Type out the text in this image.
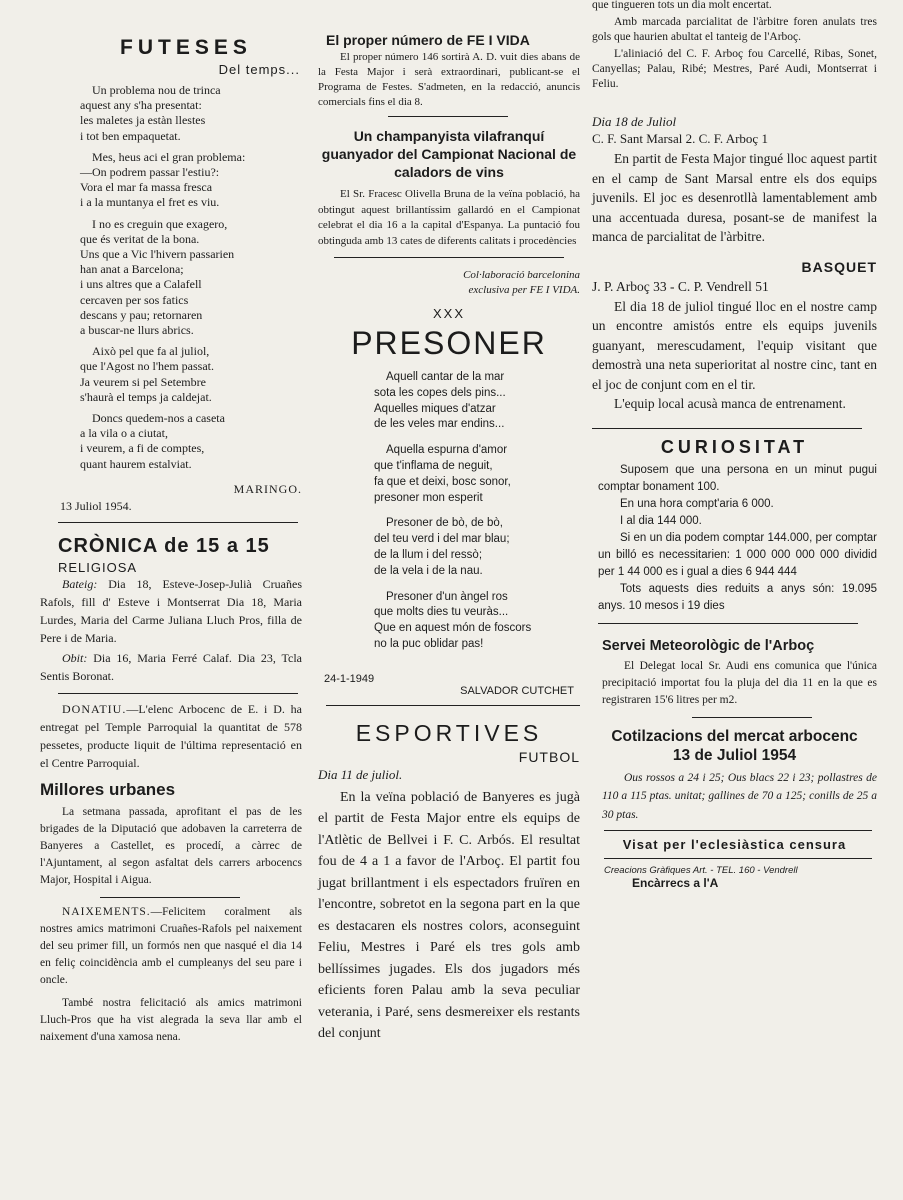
FUTESES
Del temps...
Un problema nou de trinca
aquest any s'ha presentat:
les maletes ja estàn llestes
i tot ben empaquetat.
Mes, heus aci el gran problema:
—On podrem passar l'estiu?:
Vora el mar fa massa fresca
i a la muntanya el fret es viu.
I no es creguin que exagero,
que és veritat de la bona.
Uns que a Vic l'hivern passarien
han anat a Barcelona;
i uns altres que a Calafell
cercaven per sos fatics
descans y pau; retornaren
a buscar-ne llurs abrics.
Això pel que fa al juliol,
que l'Agost no l'hem passat.
Ja veurem si pel Setembre
s'haurà el temps ja caldejat.
Doncs quedem-nos a caseta
a la vila o a ciutat,
i veurem, a fi de comptes,
quant haurem estalviat.
MARINGO.
13 Juliol 1954.
CRÒNICA de 15 a 15
RELIGIOSA

Bateig: Dia 18, Esteve-Josep-Julià Cruañes Rafols, fill d' Esteve i Montserrat Dia 18, Maria Lurdes, Maria del Carme Juliana Lluch Pros, filla de Pere i de Maria.

Obit: Dia 16, Maria Ferré Calaf. Dia 23, Tcla Sentis Boronat.

DONATIU.—L'elenc Arbocenc de E. i D. ha entregat pel Temple Parroquial la quantitat de 578 pessetes, producte liquit de l'última representació en el Centre Parroquial.

Millores urbanes

La setmana passada, aprofitant el pas de les brigades de la Diputació que adobaven la carreterra de Banyeres a Castellet, es procedí, a càrrec de l'Ajuntament, al segon asfaltat dels carrers arbocencs Major, Hospital i Aigua.

NAIXEMENTS.—Felicitem coralment als nostres amics matrimoni Cruañes-Rafols pel naixement del seu primer fill, un formós nen que nasqué el dia 14 en feliç coincidència amb el cumpleanys del seu pare i oncle.

També nostra felicitació als amics matrimoni Lluch-Pros que ha vist alegrada la seva llar amb el naixement d'una xamosa nena.

El proper número de FE I VIDA

El proper número 146 sortirà A. D. vuit dies abans de la Festa Major i serà extraordinari, publicant-se el Programa de Festes. S'admeten, en la redacció, anuncis comercials fins el dia 8.

Un champanyista vilafranquí guanyador del Campionat Nacional de caladors de vins

El Sr. Fracesc Olivella Bruna de la veïna població, ha obtingut aquest brillantíssim gallardó en el Campionat celebrat el dia 16 a la capital d'Espanya. La puntació fou obtinguda amb 13 cates de diferents calitats i procedències

Col·laboració barcelonina
exclusiva per FE I VIDA.
XXX
PRESONER
Aquell cantar de la mar
sota les copes dels pins...
Aquelles miques d'atzar
de les veles mar endins...
Aquella espurna d'amor
que t'inflama de neguit,
fa que et deixi, bosc sonor,
presoner mon esperit
Presoner de bò, de bò,
del teu verd i del mar blau;
de la llum i del ressò;
de la vela i de la nau.
Presoner d'un àngel ros
que molts dies tu veuràs...
Que en aquest món de foscors
no la puc oblidar pas!
24-1-1949
SALVADOR CUTCHET
ESPORTIVES
FUTBOL
Dia 11 de juliol.

En la veïna població de Banyeres es jugà el partit de Festa Major entre els equips de l'Atlètic de Bellvei i F. C. Arbós. El resultat fou de 4 a 1 a favor de l'Arboç. El partit fou jugat brillantment i els espectadors fruïren en l'encontre, sobretot en la segona part en la que es destacaren els nostres colors, aconseguint Feliu, Mestres i Paré els tres gols amb bellíssimes jugades. Els dos jugadors més eficients foren Palau amb la seva peculiar veterania, i Paré, sens desmereixer els restants del conjunt

que tingueren tots un dia molt encertat.

Amb marcada parcialitat de l'àrbitre foren anulats tres gols que haurien abultat el tanteig de l'Arboç.

L'aliniació del C. F. Arboç fou Carcellé, Ribas, Sonet, Canyellas; Palau, Ribé; Mestres, Paré Audi, Montserrat i Feliu.

Dia 18 de Juliol
C. F. Sant Marsal 2. C. F. Arboç 1

En partit de Festa Major tingué lloc aquest partit en el camp de Sant Marsal entre els dos equips juvenils. El joc es desenrotllà lamentablement amb una accentuada duresa, posant-se de manifest la manca de parcialitat de l'àrbitre.

BASQUET
J. P. Arboç 33 - C. P. Vendrell 51

El dia 18 de juliol tingué lloc en el nostre camp un encontre amistós entre els equips juvenils guanyant, merescudament, l'equip visitant que demostrà una neta superioritat al nostre cinc, tant en el joc de conjunt com en el tir.

L'equip local acusà manca de entrenament.

CURIOSITAT

Suposem que una persona en un minut pugui comptar bonament 100.

En una hora compt'aria 6 000.

I al dia 144 000.

Si en un dia podem comptar 144.000, per comptar un billó es necessitarien: 1 000 000 000 000 dividid per 1 44 000 es i gual a dies 6 944 444

Tots aquests dies reduits a anys són: 19.095 anys. 10 mesos i 19 dies

Servei Meteorològic de l'Arboç

El Delegat local Sr. Audi ens comunica que l'única precipitació importat fou la pluja del dia 11 en la que es registraren 15'6 litres per m2.

Cotilzacions del mercat arbocenc
13 de Juliol 1954

Ous rossos a 24 i 25; Ous blacs 22 i 23; pollastres de 110 a 115 ptas. unitat; gallines de 70 a 125; conills de 25 a 30 ptas.

Visat per l'eclesiàstica censura
Creacions Gràfiques Art. - TEL. 160 - Vendrell
Encàrrecs a l'A
